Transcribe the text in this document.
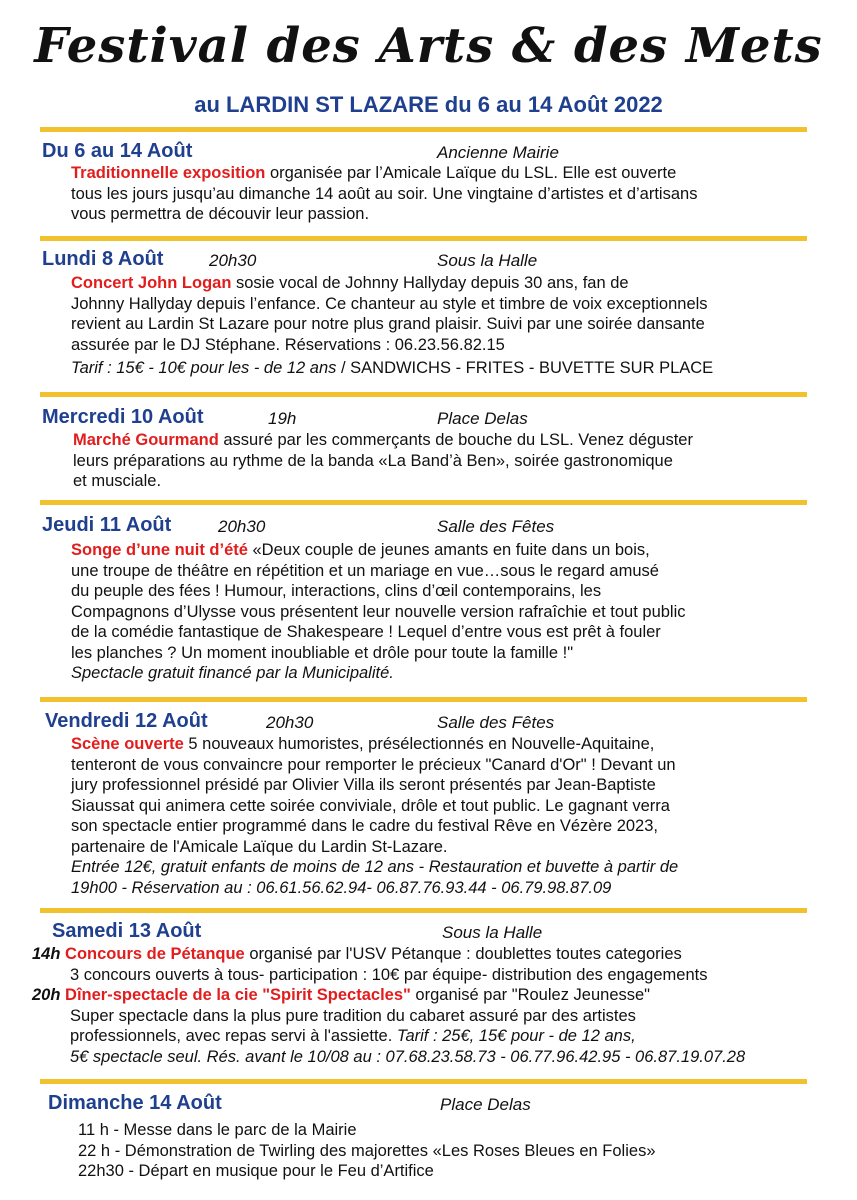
Festival des Arts & des Mets
au LARDIN ST LAZARE du 6 au 14 Août 2022
Du 6 au 14 Août	Ancienne Mairie
Traditionnelle exposition organisée par l’Amicale Laïque du LSL. Elle est ouverte
tous les jours jusqu’au dimanche 14 août au soir. Une vingtaine d’artistes et d’artisans
vous permettra de découvir leur passion.
Lundi 8 Août	20h30	Sous la Halle
Concert John Logan sosie vocal de Johnny Hallyday depuis 30 ans, fan de
Johnny Hallyday depuis l’enfance. Ce chanteur au style et timbre de voix exceptionnels
revient au Lardin St Lazare pour notre plus grand plaisir. Suivi par une soirée dansante
assurée par le DJ Stéphane. Réservations : 06.23.56.82.15
Tarif : 15€ - 10€ pour les - de 12 ans / SANDWICHS - FRITES - BUVETTE SUR PLACE
Mercredi 10 Août	19h	Place Delas
Marché Gourmand assuré par les commerçants de bouche du LSL. Venez déguster
leurs préparations au rythme de la banda «La Band’à Ben», soirée gastronomique
et musciale.
Jeudi 11 Août	20h30	Salle des Fêtes
Songe d’une nuit d’été «Deux couple de jeunes amants en fuite dans un bois,
une troupe de théâtre en répétition et un mariage en vue…sous le regard amusé
du peuple des fées ! Humour, interactions, clins d’œil contemporains, les
Compagnons d’Ulysse vous présentent leur nouvelle version rafraîchie et tout public
de la comédie fantastique de Shakespeare ! Lequel d’entre vous est prêt à fouler
les planches ? Un moment inoubliable et drôle pour toute la famille !"
Spectacle gratuit financé par la Municipalité.
Vendredi 12 Août	20h30	Salle des Fêtes
Scène ouverte 5 nouveaux humoristes, présélectionnés en Nouvelle-Aquitaine,
tenteront de vous convaincre pour remporter le précieux "Canard d'Or" ! Devant un
jury professionnel présidé par Olivier Villa ils seront présentés par Jean-Baptiste
Siaussat qui animera cette soirée conviviale, drôle et tout public. Le gagnant verra
son spectacle entier programmé dans le cadre du festival Rêve en Vézère 2023,
partenaire de l'Amicale Laïque du Lardin St-Lazare.
Entrée 12€, gratuit enfants de moins de 12 ans - Restauration et buvette à partir de
19h00 - Réservation au : 06.61.56.62.94- 06.87.76.93.44 - 06.79.98.87.09
Samedi 13 Août	Sous la Halle
14h Concours de Pétanque organisé par l'USV Pétanque : doublettes toutes categories
3 concours ouverts à tous- participation : 10€ par équipe- distribution des engagements
20h Dîner-spectacle de la cie "Spirit Spectacles" organisé par "Roulez Jeunesse"
Super spectacle dans la plus pure tradition du cabaret assuré par des artistes
professionnels, avec repas servi à l'assiette. Tarif : 25€, 15€ pour - de 12 ans,
5€ spectacle seul. Rés. avant le 10/08 au : 07.68.23.58.73 - 06.77.96.42.95 - 06.87.19.07.28
Dimanche 14 Août	Place Delas
11 h - Messe dans le parc de la Mairie
22 h - Démonstration de Twirling des majorettes «Les Roses Bleues en Folies»
22h30 - Départ en musique pour le Feu d’Artifice
